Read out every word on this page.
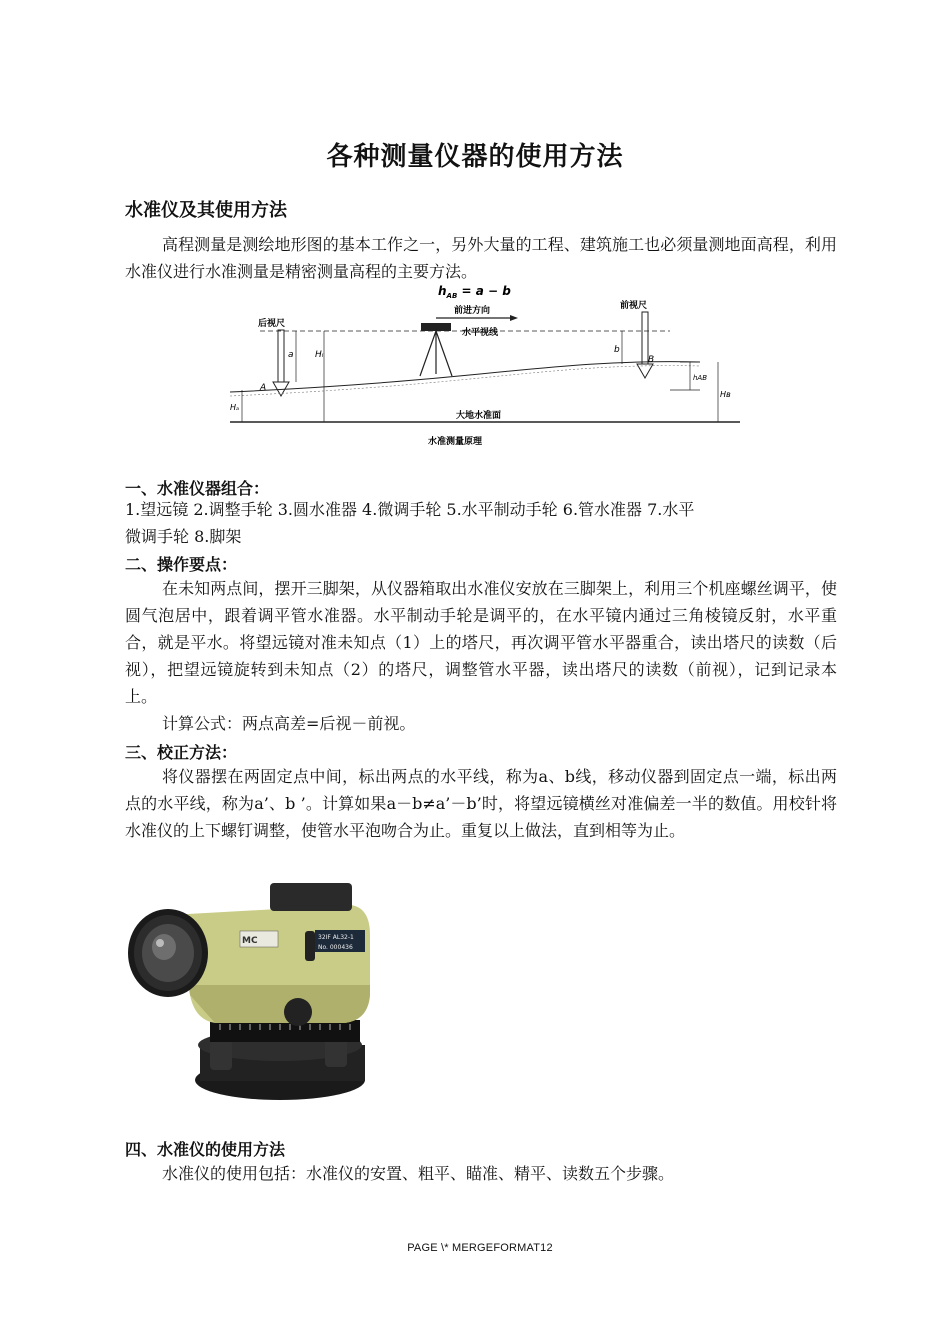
各种测量仪器的使用方法
水准仪及其使用方法

高程测量是测绘地形图的基本工作之一，另外大量的工程、建筑施工也必须量测地面高程，利用水准仪进行水准测量是精密测量高程的主要方法。

$h_{AB} = a - b$
前视尺
后视尺
前进方向
水平视线
a Hᵢ	b
A
B
Hₐ
hAB
Hʙ
大地水准面
水准测量原理
一、水准仪器组合：
1.望远镜 2.调整手轮 3.圆水准器 4.微调手轮 5.水平制动手轮 6.管水准器 7.水平
微调手轮 8.脚架
二、操作要点：

在未知两点间，摆开三脚架，从仪器箱取出水准仪安放在三脚架上，利用三个机座螺丝调平，使圆气泡居中，跟着调平管水准器。水平制动手轮是调平的，在水平镜内通过三角棱镜反射，水平重合，就是平水。将望远镜对准未知点（1）上的塔尺，再次调平管水平器重合，读出塔尺的读数（后视），把望远镜旋转到未知点（2）的塔尺，调整管水平器，读出塔尺的读数（前视），记到记录本上。

计算公式：两点高差=后视－前视。
三、校正方法：

将仪器摆在两固定点中间，标出两点的水平线，称为a、b线，移动仪器到固定点一端，标出两点的水平线，称为a’、b ’。计算如果a－b≠a’－b’时，将望远镜横丝对准偏差一半的数值。用校针将水准仪的上下螺钉调整，使管水平泡吻合为止。重复以上做法，直到相等为止。

MC	32IF AL32-1
No. 000436
四、水准仪的使用方法
水准仪的使用包括：水准仪的安置、粗平、瞄准、精平、读数五个步骤。
PAGE \* MERGEFORMAT12
